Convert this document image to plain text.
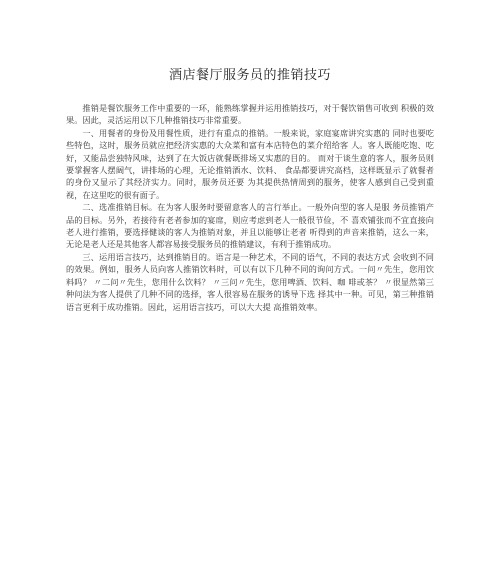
酒店餐厅服务员的推销技巧

推销是餐饮服务工作中重要的一环，能熟练掌握并运用推销技巧，对于餐饮销售可收到 积极的效果。因此，灵活运用以下几种推销技巧非常重要。

一、用餐者的身份及用餐性质，进行有重点的推销。一般来说，家庭宴席讲究实惠的 同时也要吃些特色，这时，服务员就应把经济实惠的大众菜和富有本店特色的菜介绍给客 人。客人既能吃饱、吃好，又能品尝独特风味，达到了在大饭店就餐既排场又实惠的目的。 而对于谈生意的客人，服务员则要掌握客人摆阔气，讲排场的心理，无论推销酒水、饮料、 食品都要讲究高档，这样既显示了就餐者的身份又显示了其经济实力。同时，服务员还要 为其提供热情周到的服务，使客人感到自己受到重视，在这里吃的很有面子。

二、选准推销目标。在为客人服务时要留意客人的言行举止。一般外向型的客人是服 务员推销产品的目标。另外，若接待有老者参加的宴席，则应考虑到老人一般很节俭，不 喜欢铺张而不宜直接向老人进行推销，要选择健谈的客人为推销对象，并且以能够让老者 听得到的声音来推销，这么一来，无论是老人还是其他客人都容易接受服务员的推销建议，有利于推销成功。

三、运用语言技巧，达到推销目的。语言是一种艺术，不同的语气，不同的表达方式 会收到不同的效果。例如，服务人员向客人推销饮料时，可以有以下几种不同的询问方式。一问〃先生，您用饮料吗？ 〃二问〃先生，您用什么饮料？ 〃三问〃先生，您用啤酒、饮料、咖 啡或茶？ 〃很显然第三种问法为客人提供了几种不同的选择，客人很容易在服务的诱导下选 择其中一种。可见，第三种推销语言更利于成功推销。因此，运用语言技巧，可以大大提 高推销效率。
